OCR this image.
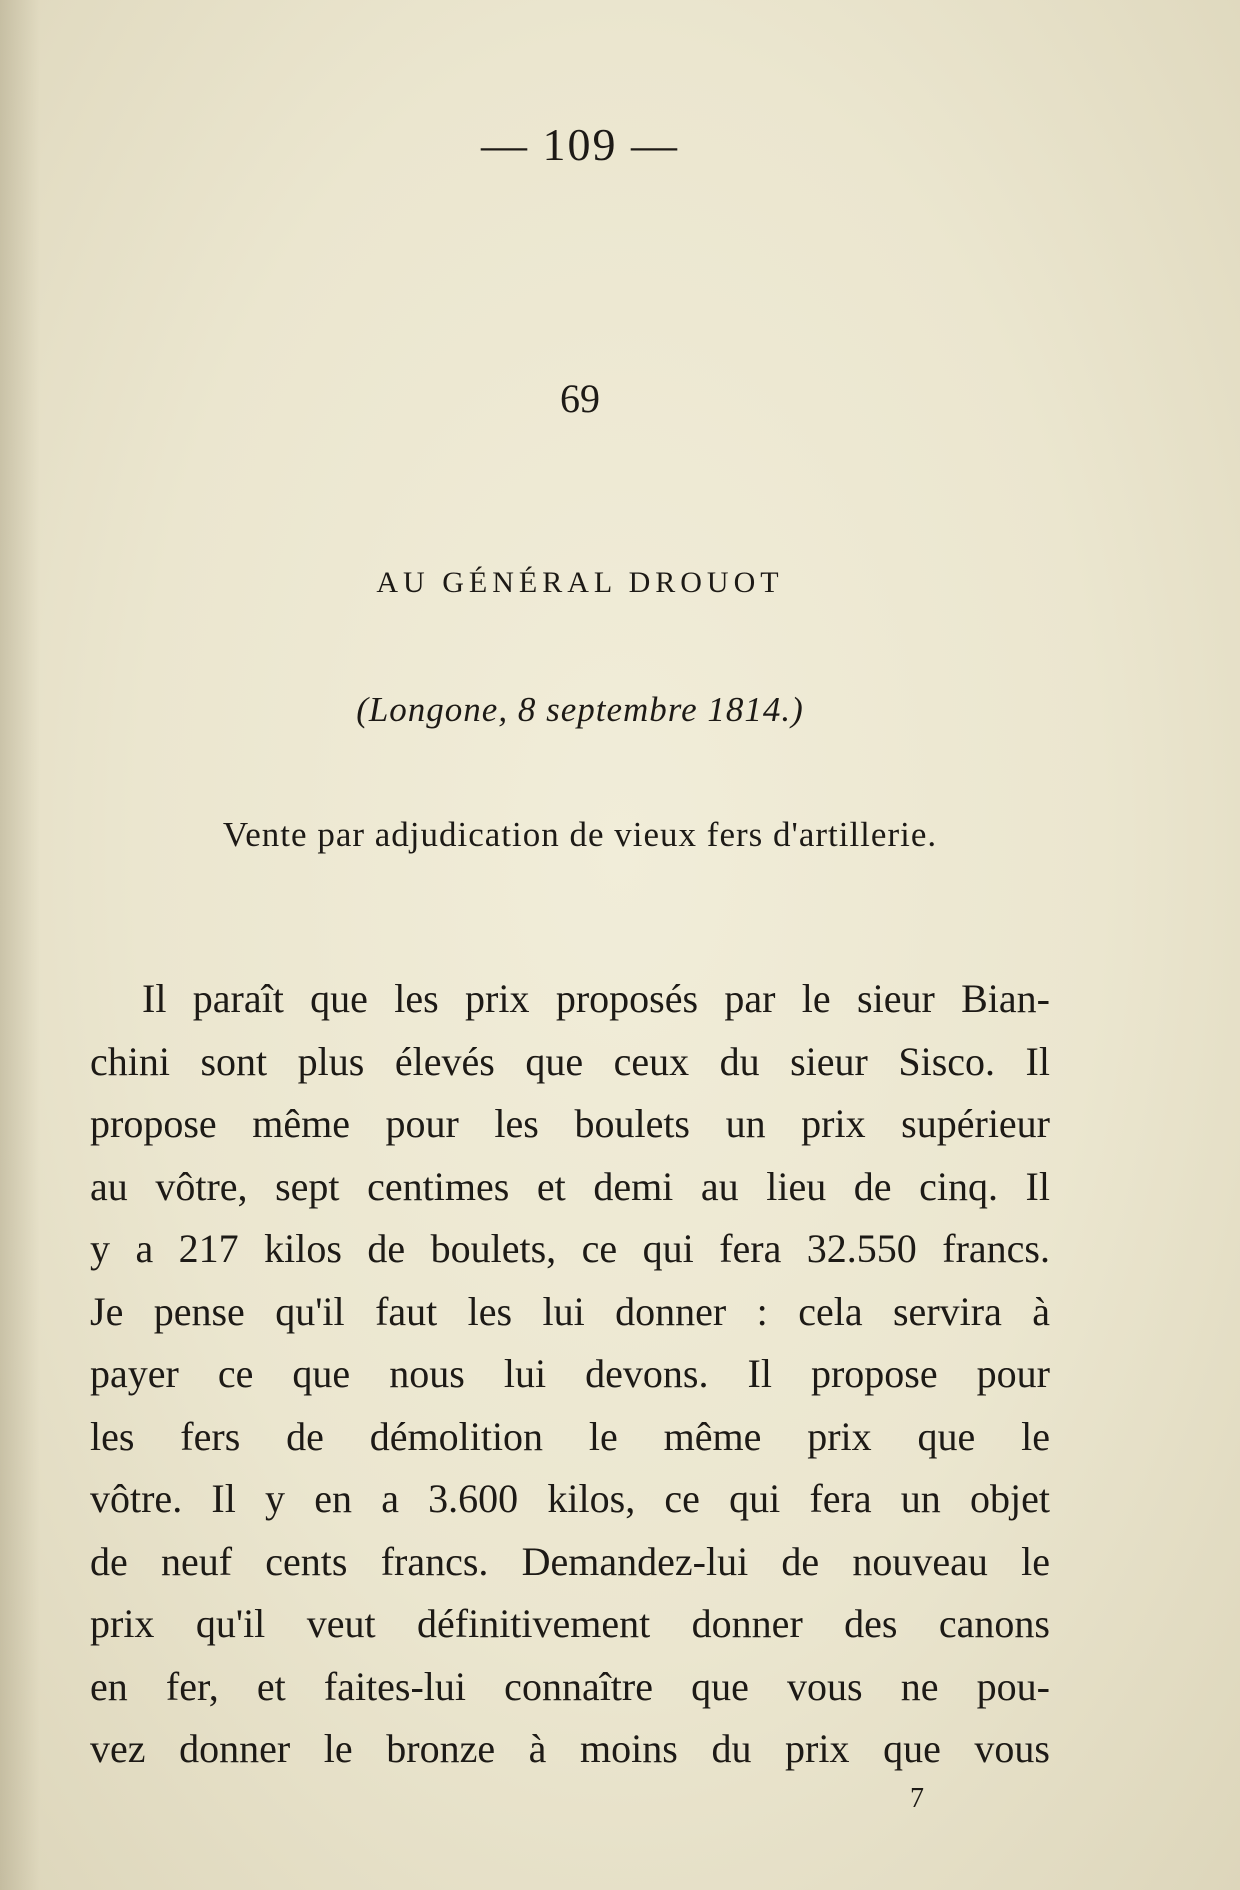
— 109 —
69
AU GÉNÉRAL DROUOT
(Longone, 8 septembre 1814.)
Vente par adjudication de vieux fers d'artillerie.
Il paraît que les prix proposés par le sieur Bian-
chini sont plus élevés que ceux du sieur Sisco. Il
propose même pour les boulets un prix supérieur
au vôtre, sept centimes et demi au lieu de cinq. Il
y a 217 kilos de boulets, ce qui fera 32.550 francs.
Je pense qu'il faut les lui donner : cela servira à
payer ce que nous lui devons. Il propose pour
les fers de démolition le même prix que le
vôtre. Il y en a 3.600 kilos, ce qui fera un objet
de neuf cents francs. Demandez-lui de nouveau le
prix qu'il veut définitivement donner des canons
en fer, et faites-lui connaître que vous ne pou-
vez donner le bronze à moins du prix que vous
7
